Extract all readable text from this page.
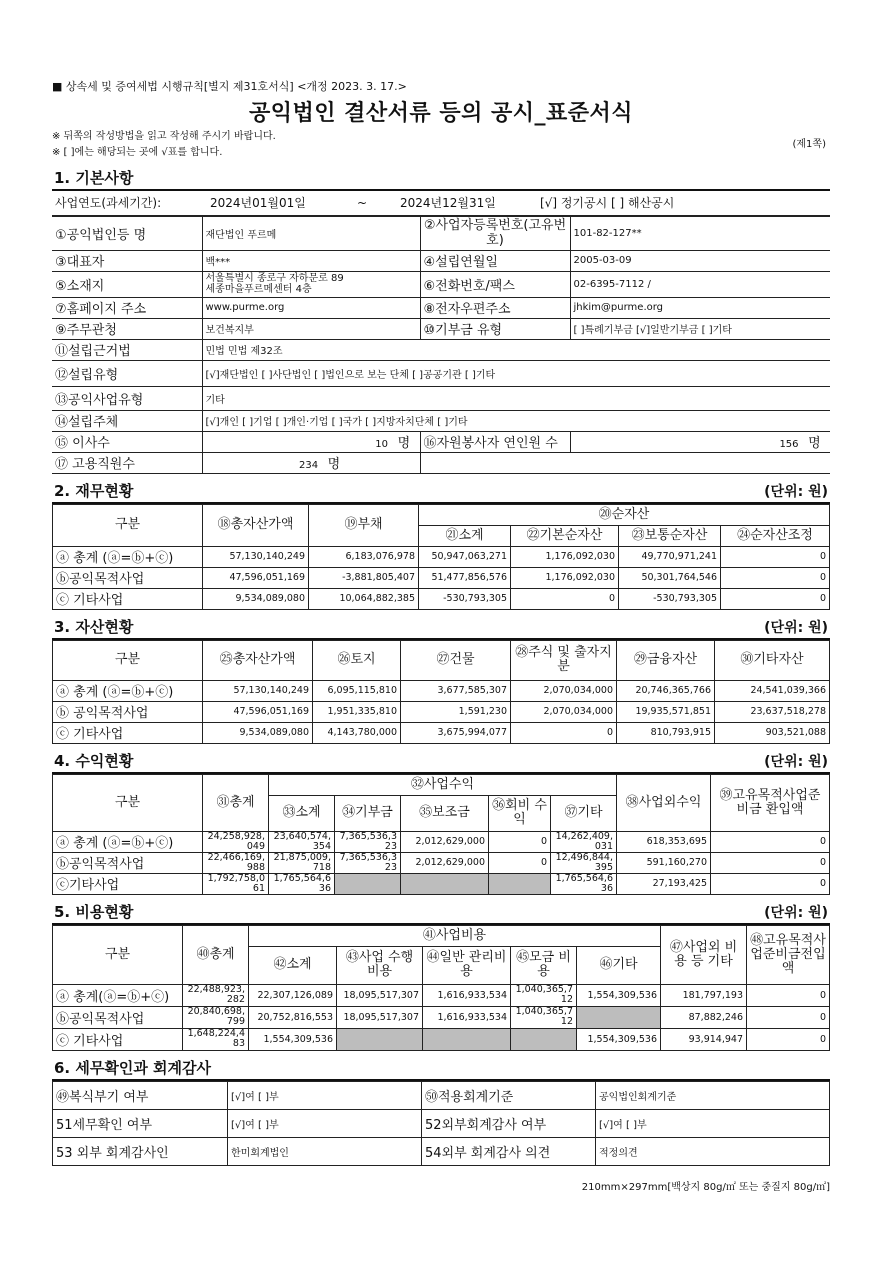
■ 상속세 및 증여세법 시행규칙[별지 제31호서식] <개정 2023. 3. 17.>
공익법인 결산서류 등의 공시_표준서식
※ 뒤쪽의 작성방법을 읽고 작성해 주시기 바랍니다.
※ [ ]에는 해당되는 곳에 √표를 합니다.
(제1쪽)
1. 기본사항
사업연도(과세기간):	2024년01월01일	~	2024년12월31일	[√] 정기공시 [ ] 해산공시
①공익법인등 명	재단법인 푸르메	②사업자등록번호(고유번호)	101-82-127**
③대표자	백***	④설립연월일	2005-03-09
⑤소재지	서울특별시 종로구 자하문로 89
세종마을푸르메센터 4층	⑥전화번호/팩스	02-6395-7112 /
⑦홈페이지 주소	www.purme.org	⑧전자우편주소	jhkim@purme.org
⑨주무관청	보건복지부	⑩기부금 유형	[ ]특례기부금 [√]일반기부금 [ ]기타
⑪설립근거법	민법 민법 제32조		
⑫설립유형	[√]재단법인 [ ]사단법인 [ ]법인으로 보는 단체 [ ]공공기관 [ ]기타		
⑬공익사업유형	기타		
⑭설립주체	[√]개인 [ ]기업 [ ]개인·기업 [ ]국가 [ ]지방자치단체 [ ]기타		
⑮ 이사수	10 명	⑯자원봉사자 연인원 수	156 명
⑰ 고용직원수	234 명		
2. 재무현황	(단위: 원)
구분	⑱총자산가액	⑲부채	⑳순자산			
			㉑소계	㉒기본순자산	㉓보통순자산	㉔순자산조정
ⓐ 총계 (ⓐ=ⓑ+ⓒ)	57,130,140,249	6,183,076,978	50,947,063,271	1,176,092,030	49,770,971,241	0
ⓑ공익목적사업	47,596,051,169	-3,881,805,407	51,477,856,576	1,176,092,030	50,301,764,546	0
ⓒ 기타사업	9,534,089,080	10,064,882,385	-530,793,305	0	-530,793,305	0
3. 자산현황	(단위: 원)
구분	㉕총자산가액	㉖토지	㉗건물	㉘주식 및 출자지분	㉙금융자산	㉚기타자산
ⓐ 총계 (ⓐ=ⓑ+ⓒ)	57,130,140,249	6,095,115,810	3,677,585,307	2,070,034,000	20,746,365,766	24,541,039,366
ⓑ 공익목적사업	47,596,051,169	1,951,335,810	1,591,230	2,070,034,000	19,935,571,851	23,637,518,278
ⓒ 기타사업	9,534,089,080	4,143,780,000	3,675,994,077	0	810,793,915	903,521,088
4. 수익현황	(단위: 원)
구분	㉛총계	㉜사업수익					㊳사업외수익	㊴고유목적사업준비금 환입액
		㉝소계	㉞기부금	㉟보조금	㊱회비 수익	㊲기타		
ⓐ 총계 (ⓐ=ⓑ+ⓒ)	24,258,928,049	23,640,574,354	7,365,536,323	2,012,629,000	0	14,262,409,031	618,353,695	0
ⓑ공익목적사업	22,466,169,988	21,875,009,718	7,365,536,323	2,012,629,000	0	12,496,844,395	591,160,270	0
ⓒ기타사업	1,792,758,061	1,765,564,636				1,765,564,636	27,193,425	0
5. 비용현황	(단위: 원)
구분	㊵총계	㊶사업비용					㊼사업외 비용 등 기타	㊽고유목적사업준비금전입액
		㊷소계	㊸사업 수행비용	㊹일반 관리비용	㊺모금 비용	㊻기타		
ⓐ 총계(ⓐ=ⓑ+ⓒ)	22,488,923,282	22,307,126,089	18,095,517,307	1,616,933,534	1,040,365,712	1,554,309,536	181,797,193	0
ⓑ공익목적사업	20,840,698,799	20,752,816,553	18,095,517,307	1,616,933,534	1,040,365,712		87,882,246	0
ⓒ 기타사업	1,648,224,483	1,554,309,536				1,554,309,536	93,914,947	0
6. 세무확인과 회계감사
㊾복식부기 여부	[√]여 [ ]부	㊿적용회계기준	공익법인회계기준
51세무확인 여부	[√]여 [ ]부	52외부회계감사 여부	[√]여 [ ]부
53 외부 회계감사인	한미회계법인	54외부 회계감사 의견	적정의견
210mm×297mm[백상지 80g/㎡ 또는 중질지 80g/㎡]
